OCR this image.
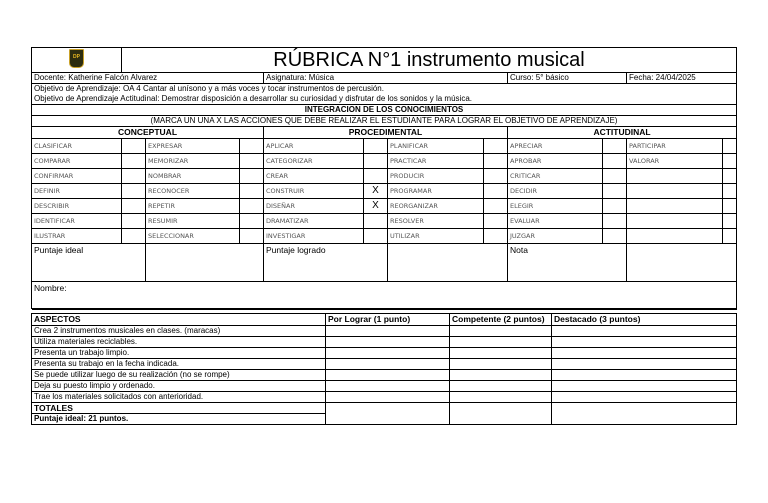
DP	RÚBRICA N°1 instrumento musical										
Docente: Katherine Falcón Alvarez				Asignatura: Música				Curso: 5° básico		Fecha: 24/04/2025	
Objetivo de Aprendizaje: OA 4 Cantar al unísono y a más voces y tocar instrumentos de percusión.											
Objetivo de Aprendizaje Actitudinal: Demostrar disposición a desarrollar su curiosidad y disfrutar de los sonidos y la música.											
INTEGRACION DE LOS CONOCIMIENTOS											
(MARCA UN UNA X LAS ACCIONES QUE DEBE REALIZAR EL ESTUDIANTE PARA LOGRAR EL OBJETIVO DE APRENDIZAJE)											
CONCEPTUAL				PROCEDIMENTAL				ACTITUDINAL			
CLASIFICAR		EXPRESAR		APLICAR		PLANIFICAR		APRECIAR		PARTICIPAR	
COMPARAR		MEMORIZAR		CATEGORIZAR		PRACTICAR		APROBAR		VALORAR	
CONFIRMAR		NOMBRAR		CREAR		PRODUCIR		CRITICAR			
DEFINIR		RECONOCER		CONSTRUIR	X	PROGRAMAR		DECIDIR			
DESCRIBIR		REPETIR		DISEÑAR	X	REORGANIZAR		ELEGIR			
IDENTIFICAR		RESUMIR		DRAMATIZAR		RESOLVER		EVALUAR			
ILUSTRAR		SELECCIONAR		INVESTIGAR		UTILIZAR		JUZGAR			
Puntaje ideal				Puntaje logrado				Nota			
Nombre:											

ASPECTOS	Por Lograr (1 punto)	Competente (2 puntos)	Destacado (3 puntos)
Crea 2 instrumentos musicales en clases. (maracas)			
Utiliza materiales reciclables.			
Presenta un trabajo limpio.			
Presenta su trabajo en la fecha indicada.			
Se puede utilizar luego de su realización (no se rompe)			
Deja su puesto limpio y ordenado.			
Trae los materiales solicitados con anterioridad.			
TOTALES			
Puntaje ideal: 21 puntos.			
